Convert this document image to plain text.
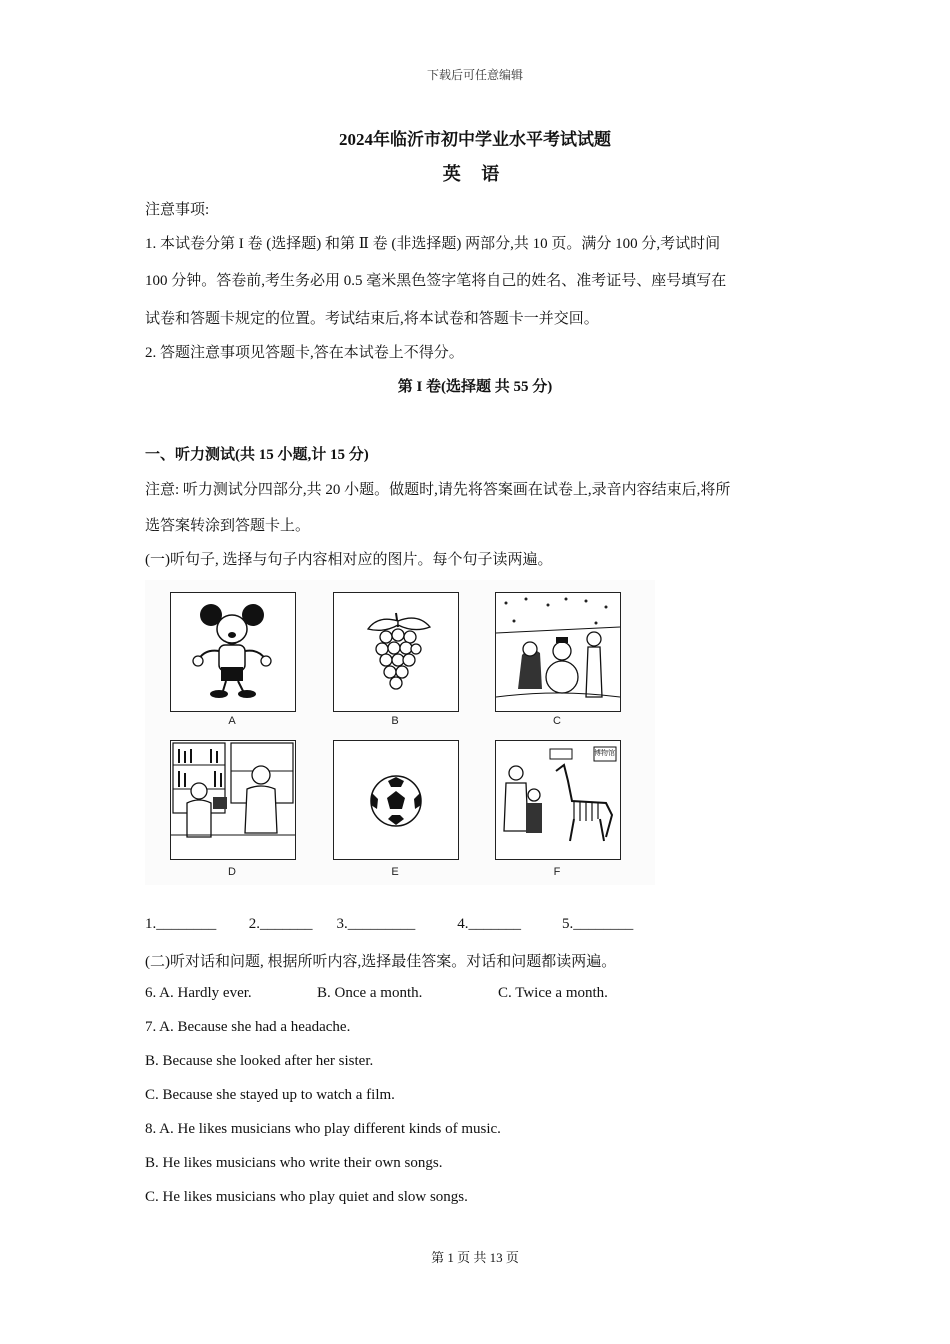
下载后可任意编辑
2024年临沂市初中学业水平考试试题
英 语
注意事项:
1. 本试卷分第 I 卷 (选择题) 和第 Ⅱ 卷 (非选择题) 两部分,共 10 页。满分 100 分,考试时间
100 分钟。答卷前,考生务必用 0.5 毫米黑色签字笔将自己的姓名、准考证号、座号填写在
试卷和答题卡规定的位置。考试结束后,将本试卷和答题卡一并交回。
2. 答题注意事项见答题卡,答在本试卷上不得分。
第 I 卷(选择题 共 55 分)
一、听力测试(共 15 小题,计 15 分)
注意: 听力测试分四部分,共 20 小题。做题时,请先将答案画在试卷上,录音内容结束后,将所
选答案转涂到答题卡上。
(一)听句子, 选择与句子内容相对应的图片。每个句子读两遍。
A	B	C
D	E
博物馆
F
1.________ 2._______ 3._________	4._______	5.________
(二)听对话和问题, 根据所听内容,选择最佳答案。对话和问题都读两遍。
6. A. Hardly ever.	B. Once a month.	C. Twice a month.
7. A. Because she had a headache.
B. Because she looked after her sister.
C. Because she stayed up to watch a film.
8. A. He likes musicians who play different kinds of music.
B. He likes musicians who write their own songs.
C. He likes musicians who play quiet and slow songs.
第 1 页 共 13 页
